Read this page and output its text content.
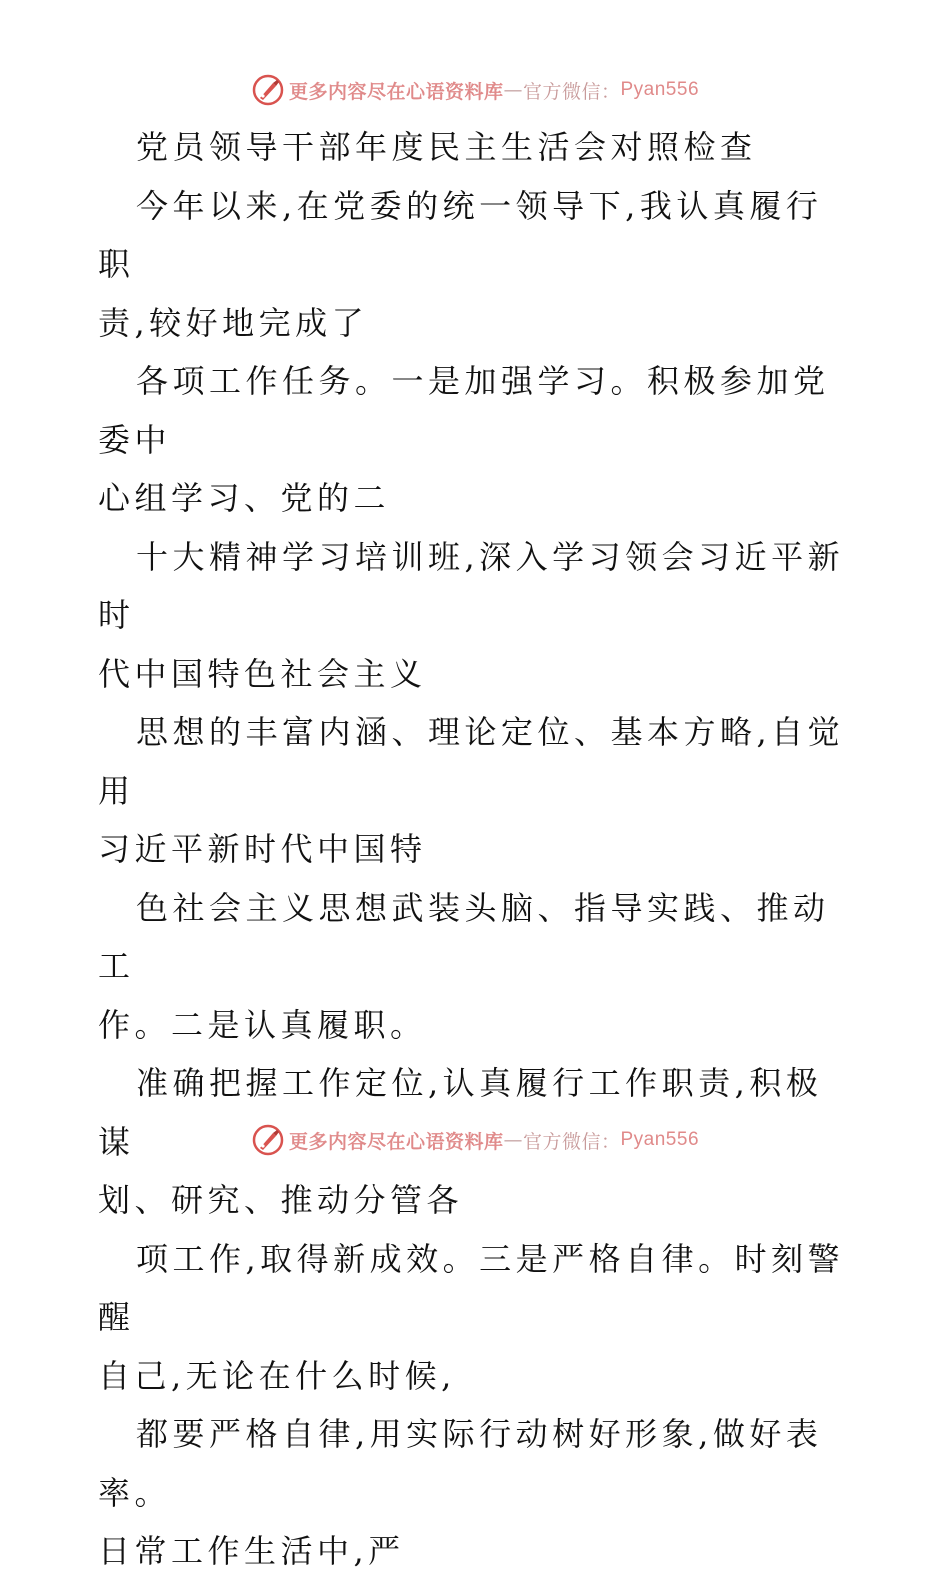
更多内容尽在心语资料库 — 官方微信： Pyan556

党员领导干部年度民主生活会对照检查

今年以来,在党委的统一领导下,我认真履行职
责,较好地完成了

各项工作任务。一是加强学习。积极参加党委中
心组学习、党的二

十大精神学习培训班,深入学习领会习近平新时
代中国特色社会主义

思想的丰富内涵、理论定位、基本方略,自觉用
习近平新时代中国特

色社会主义思想武装头脑、指导实践、推动工
作。二是认真履职。

准确把握工作定位,认真履行工作职责,积极谋
划、研究、推动分管各

项工作,取得新成效。三是严格自律。时刻警醒
自己,无论在什么时候,

都要严格自律,用实际行动树好形象,做好表率。
日常工作生活中,严

更多内容尽在心语资料库 — 官方微信： Pyan556
